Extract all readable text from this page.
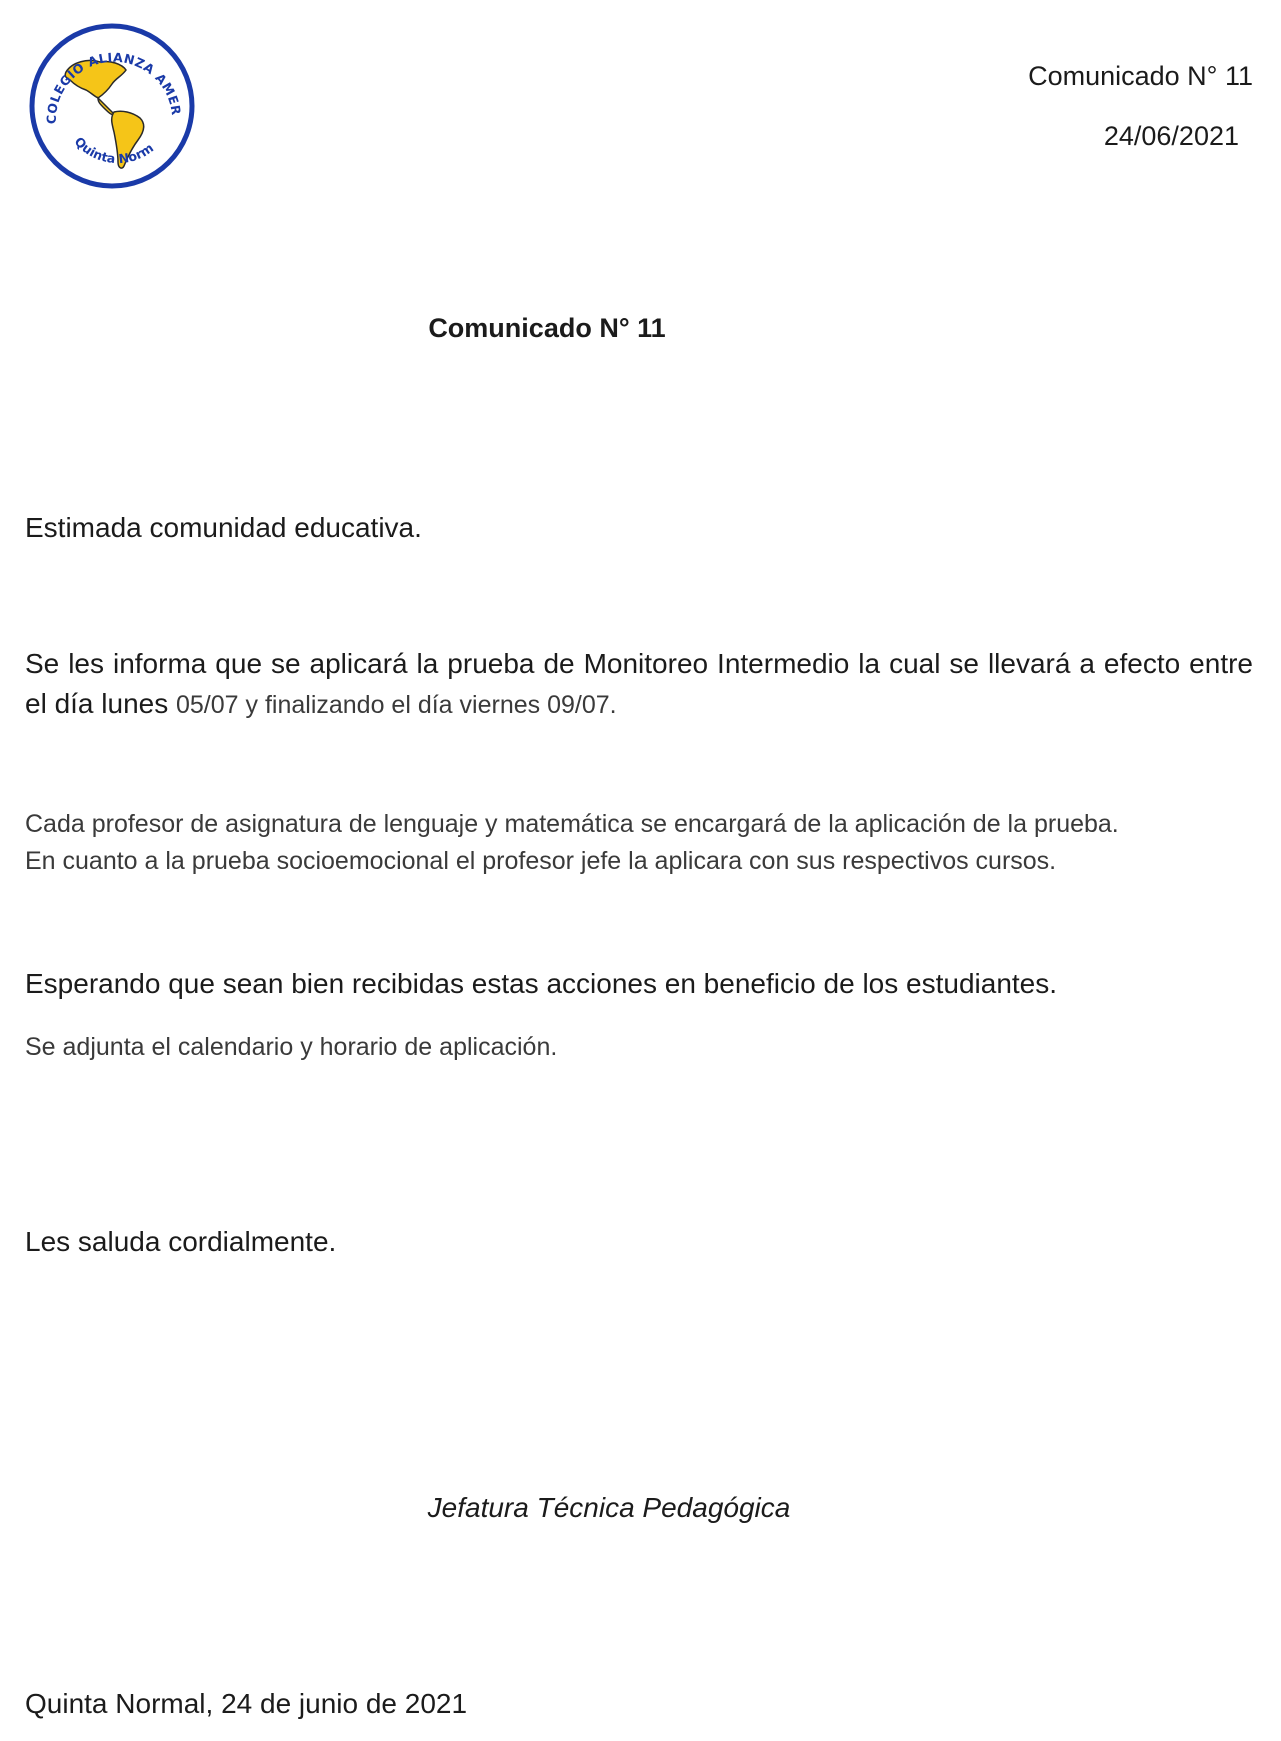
COLEGIO ALIANZA AMER
Quinta Norm
Comunicado N° 11
24/06/2021
Comunicado N° 11

Estimada comunidad educativa.

Se les informa que se aplicará la prueba de Monitoreo Intermedio la cual se llevará a efecto entre el día lunes 05/07 y finalizando el día viernes 09/07.

Cada profesor de asignatura de lenguaje y matemática se encargará de la aplicación de la prueba.
En cuanto a la prueba socioemocional el profesor jefe la aplicara con sus respectivos cursos.

Esperando que sean bien recibidas estas acciones en beneficio de los estudiantes.

Se adjunta el calendario y horario de aplicación.

Les saluda cordialmente.

Jefatura Técnica Pedagógica

Quinta Normal, 24 de junio de 2021
